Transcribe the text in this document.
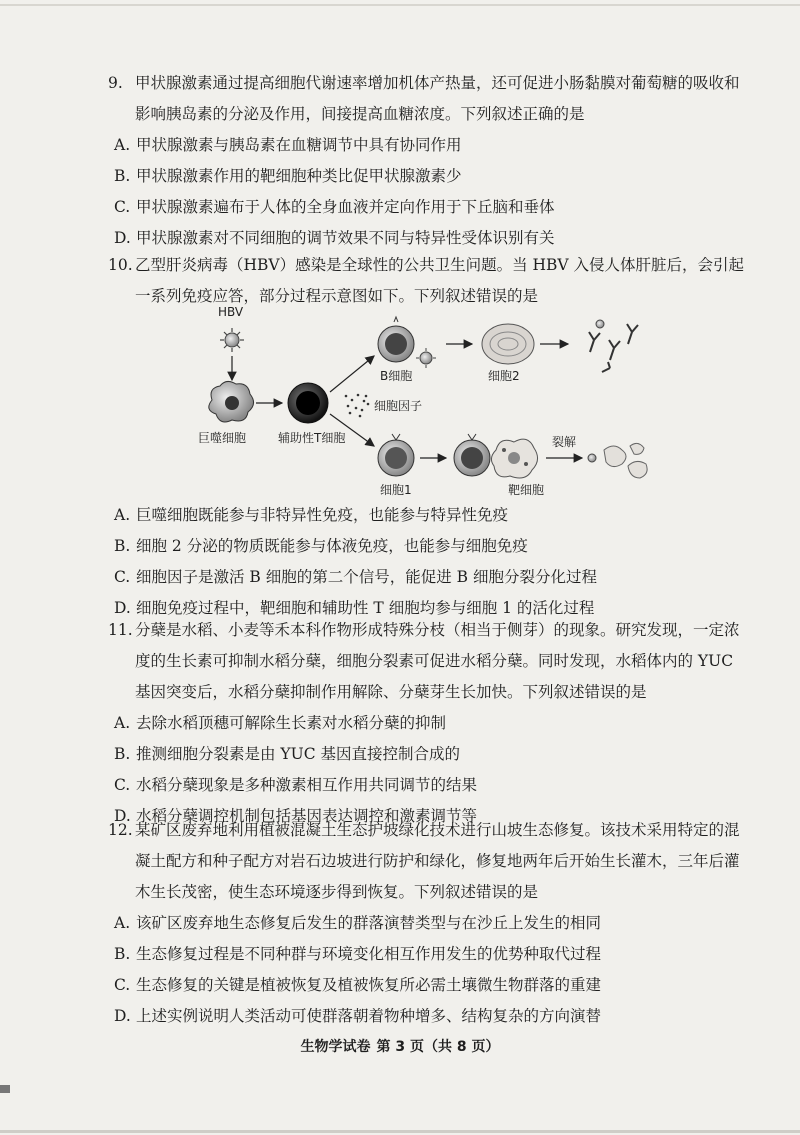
9. 甲状腺激素通过提高细胞代谢速率增加机体产热量，还可促进小肠黏膜对葡萄糖的吸收和影响胰岛素的分泌及作用，间接提高血糖浓度。下列叙述正确的是

A. 甲状腺激素与胰岛素在血糖调节中具有协同作用

B. 甲状腺激素作用的靶细胞种类比促甲状腺激素少

C. 甲状腺激素遍布于人体的全身血液并定向作用于下丘脑和垂体

D. 甲状腺激素对不同细胞的调节效果不同与特异性受体识别有关

10. 乙型肝炎病毒（HBV）感染是全球性的公共卫生问题。当 HBV 入侵人体肝脏后，会引起一系列免疫应答，部分过程示意图如下。下列叙述错误的是

A. 巨噬细胞既能参与非特异性免疫，也能参与特异性免疫

B. 细胞 2 分泌的物质既能参与体液免疫，也能参与细胞免疫

C. 细胞因子是激活 B 细胞的第二个信号，能促进 B 细胞分裂分化过程

D. 细胞免疫过程中，靶细胞和辅助性 T 细胞均参与细胞 1 的活化过程

HBV
巨噬细胞	辅助性T细胞
细胞因子
B细胞	细胞2
细胞1	靶细胞
裂解

11. 分蘖是水稻、小麦等禾本科作物形成特殊分枝（相当于侧芽）的现象。研究发现，一定浓度的生长素可抑制水稻分蘖，细胞分裂素可促进水稻分蘖。同时发现，水稻体内的 YUC 基因突变后，水稻分蘖抑制作用解除、分蘖芽生长加快。下列叙述错误的是

A. 去除水稻顶穗可解除生长素对水稻分蘖的抑制

B. 推测细胞分裂素是由 YUC 基因直接控制合成的

C. 水稻分蘖现象是多种激素相互作用共同调节的结果

D. 水稻分蘖调控机制包括基因表达调控和激素调节等

12. 某矿区废弃地利用植被混凝土生态护坡绿化技术进行山坡生态修复。该技术采用特定的混凝土配方和种子配方对岩石边坡进行防护和绿化，修复地两年后开始生长灌木，三年后灌木生长茂密，使生态环境逐步得到恢复。下列叙述错误的是

A. 该矿区废弃地生态修复后发生的群落演替类型与在沙丘上发生的相同

B. 生态修复过程是不同种群与环境变化相互作用发生的优势种取代过程

C. 生态修复的关键是植被恢复及植被恢复所必需土壤微生物群落的重建

D. 上述实例说明人类活动可使群落朝着物种增多、结构复杂的方向演替

生物学试卷 第 3 页（共 8 页）
